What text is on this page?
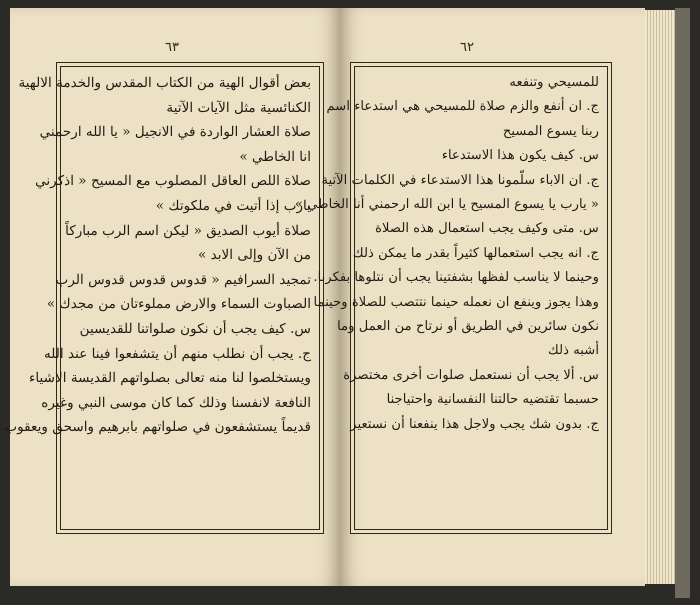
٦٣
بعض أقوال الهية من الكتاب المقدس والخدمة الالهية
الكنائسية مثل الآيات الآتية
صلاة العشار الواردة في الانجيل « يا الله ارحمني
انا الخاطي »
صلاة اللص العاقل المصلوب مع المسيح « اذكرني
يارب إذا أتيت في ملكوتك »
صلاة أيوب الصديق « ليكن اسم الرب مباركاً
من الآن وإلى الابد »
تمجيد السرافيم « قدوس قدوس قدوس الرب
الصباوت السماء والارض مملوءتان من مجدك »
س. كيف يجب أن نكون صلواتنا للقديسين
ج. يجب أن نطلب منهم أن يتشفعوا فينا عند الله
ويستخلصوا لنا منه تعالى بصلواتهم القديسة الاشياء
النافعة لانفسنا وذلك كما كان موسى النبي وغيره
قديماً يستشفعون في صلواتهم بابرهيم واسحق ويعقوب
٦٢
للمسيحي وتنفعه
ج. ان أنفع والزم صلاة للمسيحي هي استدعاء اسم
ربنا يسوع المسيح
س. كيف يكون هذا الاستدعاء
ج. ان الاباء سلّمونا هذا الاستدعاء في الكلمات الآتية
« يارب يا يسوع المسيح يا ابن الله ارحمني أنا الخاطي »
س. متى وكيف يجب استعمال هذه الصلاة
ج. انه يجب استعمالها كثيراً بقدر ما يمكن ذلك
وحينما لا يناسب لفظها بشفتينا يجب أن نتلوها بفكرنا.
وهذا يجوز وينفع ان نعمله حينما نتتصب للصلاة وحينما
نكون سائرين في الطريق أو نرتاح من العمل وما
أشبه ذلك
س. ألا يجب أن نستعمل صلوات أخرى مختصرة
حسبما تقتضيه حالتنا النفسانية واحتياجنا
ج. بدون شك يجب ولاجل هذا ينفعنا أن نستعير
